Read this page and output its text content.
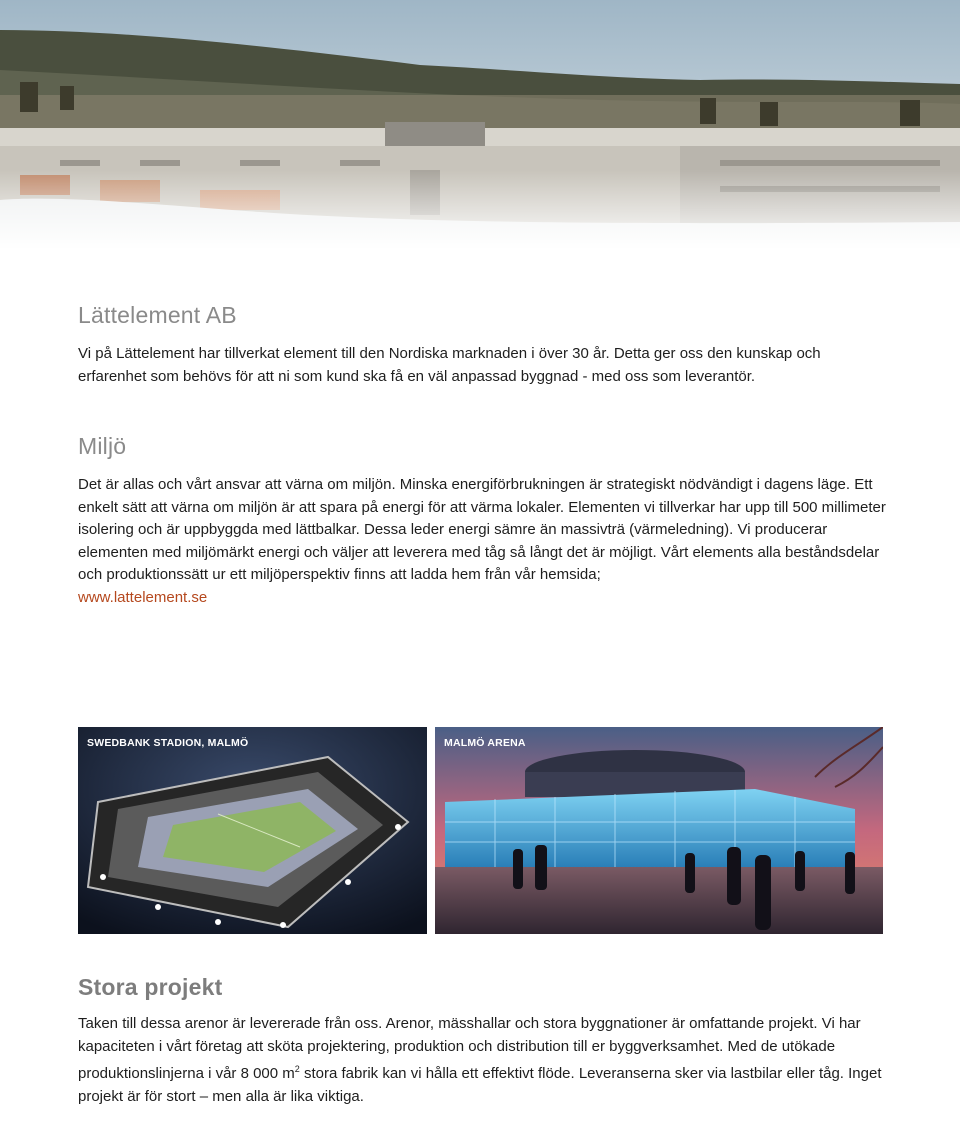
Lättelement AB

Vi på Lättelement har tillverkat element till den Nordiska marknaden i över 30 år. Detta ger oss den kunskap och erfarenhet som behövs för att ni som kund ska få en väl anpassad byggnad - med oss som leverantör.

Miljö

Det är allas och vårt ansvar att värna om miljön. Minska energiförbrukningen är strategiskt nödvändigt i dagens läge. Ett enkelt sätt att värna om miljön är att spara på energi för att värma lokaler. Elementen vi tillverkar har upp till 500 millimeter isolering och är uppbyggda med lättbalkar. Dessa leder energi sämre än massivträ (värmeledning). Vi producerar elementen med miljömärkt energi och väljer att leverera med tåg så långt det är möjligt. Vårt elements alla beståndsdelar och produktionssätt ur ett miljöperspektiv finns att ladda hem från vår hemsida;
www.lattelement.se

SWEDBANK STADION, MALMÖ	MALMÖ ARENA
Stora projekt

Taken till dessa arenor är levererade från oss. Arenor, mässhallar och stora byggnationer är omfattande projekt. Vi har kapaciteten i vårt företag att sköta projektering, produktion och distribution till er byggverksamhet. Med de utökade produktionslinjerna i vår 8 000 $m^2$ stora fabrik kan vi hålla ett effektivt flöde. Leveranserna sker via lastbilar eller tåg. Inget projekt är för stort – men alla är lika viktiga.
